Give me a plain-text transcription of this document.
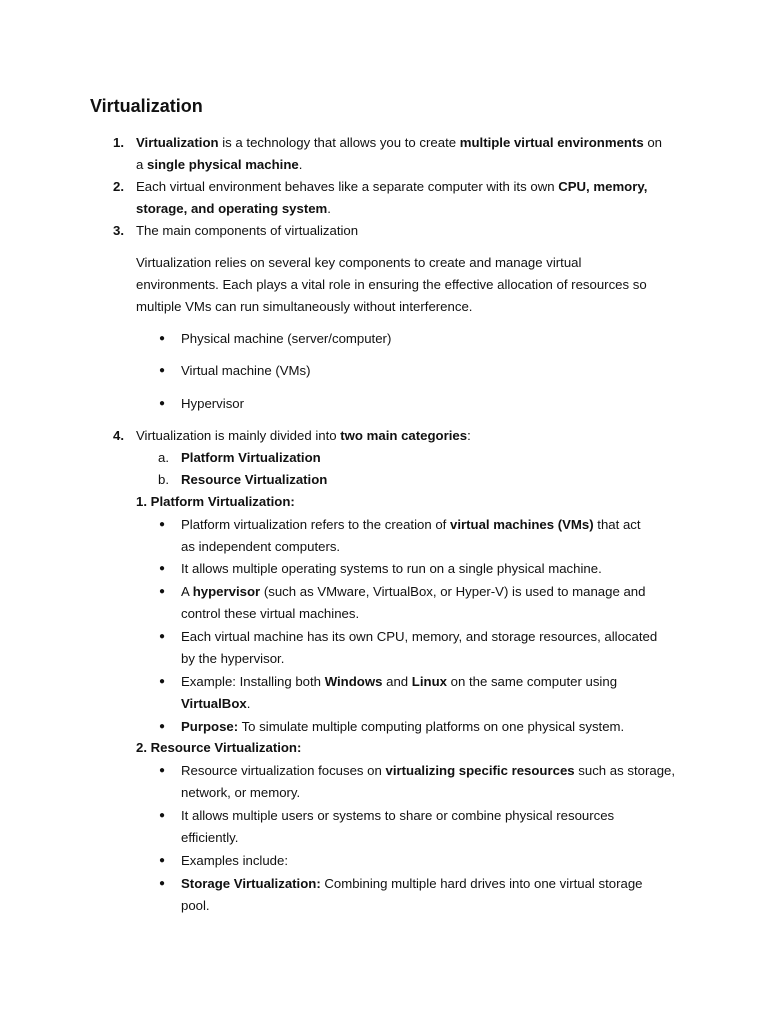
Virtualization
1. Virtualization is a technology that allows you to create multiple virtual environments on
a single physical machine.
2. Each virtual environment behaves like a separate computer with its own CPU, memory,
storage, and operating system.
3. The main components of virtualization
Virtualization relies on several key components to create and manage virtual
environments. Each plays a vital role in ensuring the effective allocation of resources so
multiple VMs can run simultaneously without interference.
● Physical machine (server/computer)
● Virtual machine (VMs)
● Hypervisor
4. Virtualization is mainly divided into two main categories:
a. Platform Virtualization
b. Resource Virtualization
1. Platform Virtualization:
● Platform virtualization refers to the creation of virtual machines (VMs) that act
as independent computers.
● It allows multiple operating systems to run on a single physical machine.
● A hypervisor (such as VMware, VirtualBox, or Hyper-V) is used to manage and
control these virtual machines.
● Each virtual machine has its own CPU, memory, and storage resources, allocated
by the hypervisor.
● Example: Installing both Windows and Linux on the same computer using
VirtualBox.
● Purpose: To simulate multiple computing platforms on one physical system.
2. Resource Virtualization:
● Resource virtualization focuses on virtualizing specific resources such as storage,
network, or memory.
● It allows multiple users or systems to share or combine physical resources
efficiently.
● Examples include:
● Storage Virtualization: Combining multiple hard drives into one virtual storage
pool.
